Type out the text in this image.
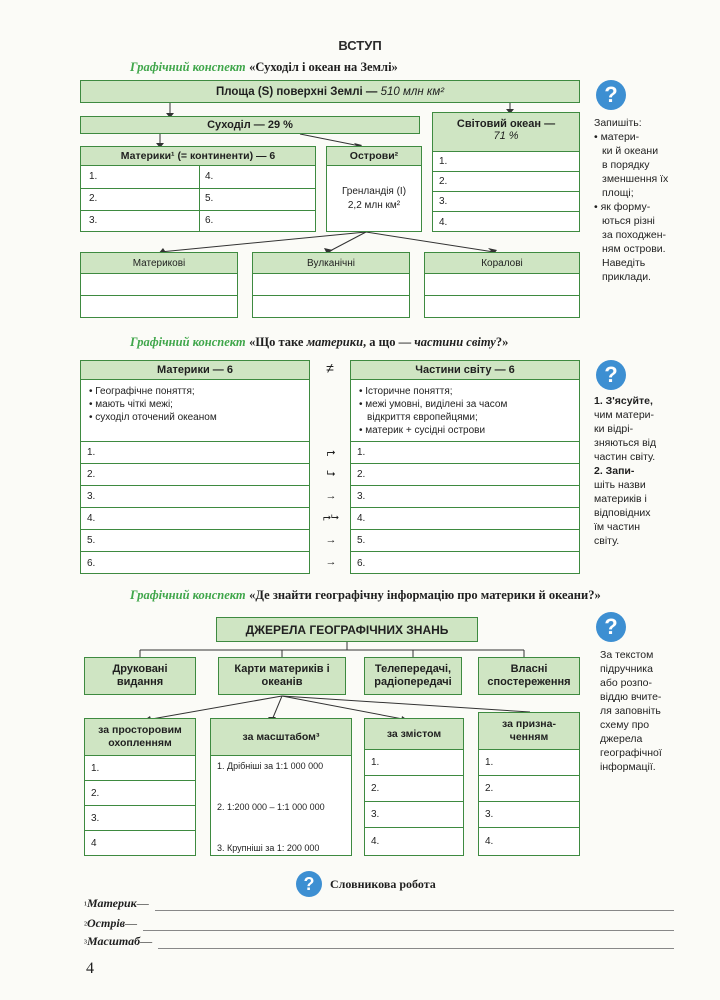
ВСТУП
Графічний конспект «Суходіл і океан на Землі»
Площа (S) поверхні Землі —
510 млн км²
Суходіл — 29 %	Світовий океан —
71 %
Материки¹ (= континенти) — 6
1.
2.
3.
4.
5.
6.
Острови²
Гренландія (I)
2,2 млн км²
1.
2.
3.
4.
Материкові	Вулканічні	Коралові
?
Запишіть:
• матери-
ки й океани
в порядку
зменшення їх
площі;
• як форму-
ються різні
за походжен-
ням острови.
Наведіть
приклади.
Графічний конспект «Що таке материки, а що — частини світу?»
Материки — 6
• Географічне поняття;
• мають чіткі межі;
• суходіл оточений океаном
1.
2.
3.
4.
5.
6.
≠
⮣
⮡
→
⮣⮡
→
→
Частини світу — 6
• Історичне поняття;
• межі умовні, виділені за часом
відкриття європейцями;
• материк + сусідні острови
1.
2.
3.
4.
5.
6.
?
1. З'ясуйте,
чим матери-
ки відрі-
зняються від
частин світу.
2. Запи-
шіть назви
материків і
відповідних
їм частин
світу.
Графічний конспект «Де знайти географічну інформацію про материки й океани?»
ДЖЕРЕЛА ГЕОГРАФІЧНИХ ЗНАНЬ
Друковані видання
Карти материків і океанів
Телепередачі, радіопередачі
Власні спостереження
за просторовим охопленням
1.
2.
3.
4
за масштабом³
1. Дрібніші за 1:1 000 000
2. 1:200 000 – 1:1 000 000
3. Крупніші за 1: 200 000
за змістом
1.
2.
3.
4.
за призна-ченням
1.
2.
3.
4.
?
За текстом
підручника
або розпо-
віддю вчите-
ля заповніть
схему про
джерела
географічної
інформації.
?	Словникова робота
¹ Материк —
² Острів —
³ Масштаб —
4
